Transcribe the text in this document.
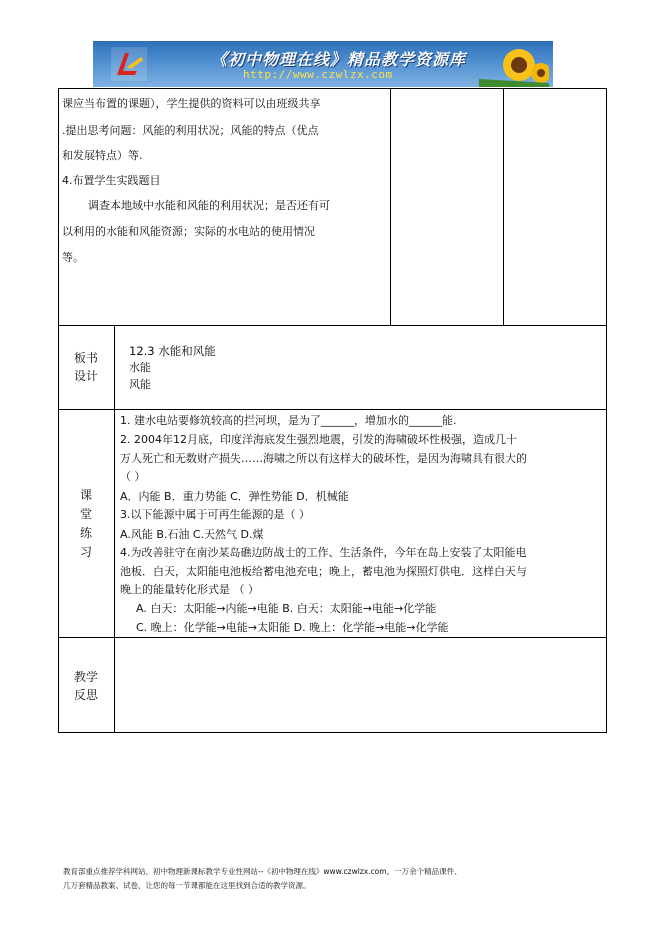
《初中物理在线》精品教学资源库
http://www.czwlzx.com
课应当布置的课题），学生提供的资料可以由班级共享
.提出思考问题：风能的利用状况；风能的特点（优点
和发展特点）等.
4.布置学生实践题目
调查本地域中水能和风能的利用状况；是否还有可
以利用的水能和风能资源；实际的水电站的使用情况
等。
板书
设计
12.3 水能和风能
水能
风能
课
堂
练
习
1. 建水电站要修筑较高的拦河坝，是为了______，增加水的______能.
2. 2004年12月底，印度洋海底发生强烈地震，引发的海啸破坏性极强，造成几十
万人死亡和无数财产损失……海啸之所以有这样大的破坏性，是因为海啸具有很大的
（ ）
A．内能 B．重力势能 C．弹性势能 D．机械能
3.以下能源中属于可再生能源的是（ ）
A.风能 B.石油 C.天然气 D.煤
4.为改善驻守在南沙某岛礁边防战士的工作、生活条件，今年在岛上安装了太阳能电
池板．白天，太阳能电池板给蓄电池充电；晚上，蓄电池为探照灯供电．这样白天与
晚上的能量转化形式是 （ ）
A. 白天：太阳能→内能→电能 B. 白天：太阳能→电能→化学能
C. 晚上：化学能→电能→太阳能 D. 晚上：化学能→电能→化学能
教学
反思
教育部重点推荐学科网站、初中物理新课标教学专业性网站--《初中物理在线》www.czwlzx.com。一万余个精品课件、
几万套精品教案、试卷，让您的每一节课都能在这里找到合适的教学资源。
